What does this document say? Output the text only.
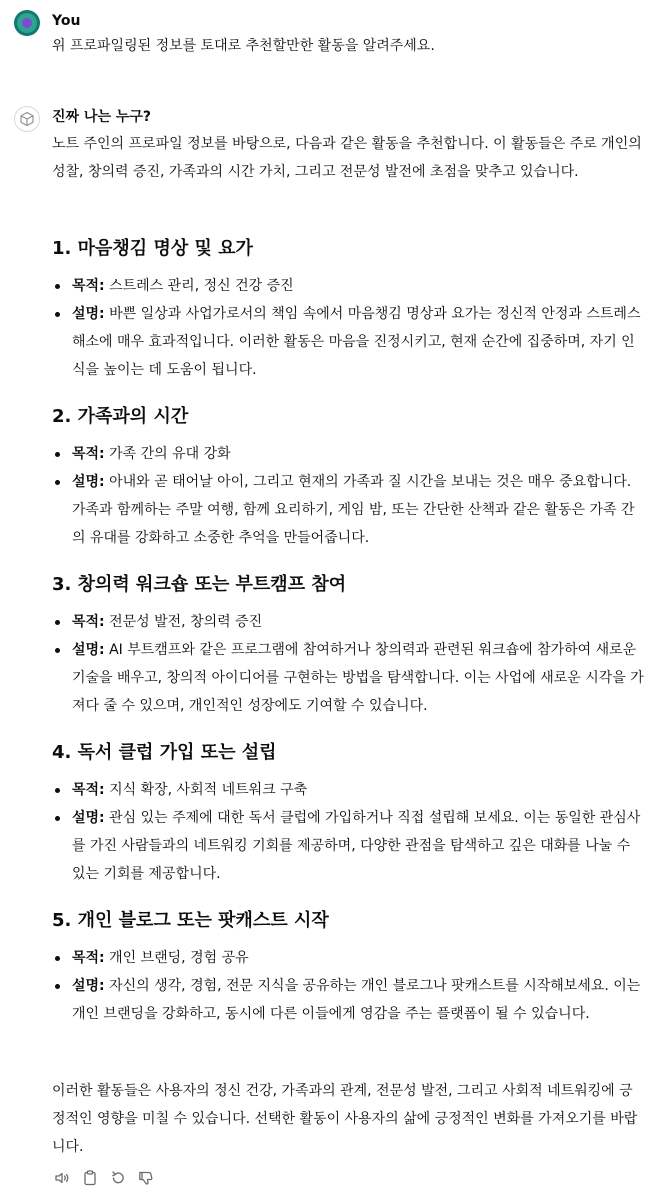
You
위 프로파일링된 정보를 토대로 추천할만한 활동을 알려주세요.
진짜 나는 누구?
노트 주인의 프로파일 정보를 바탕으로, 다음과 같은 활동을 추천합니다. 이 활동들은 주로 개인의 성찰, 창의력 증진, 가족과의 시간 가치, 그리고 전문성 발전에 초점을 맞추고 있습니다.
1. 마음챙김 명상 및 요가
목적: 스트레스 관리, 정신 건강 증진
설명: 바쁜 일상과 사업가로서의 책임 속에서 마음챙김 명상과 요가는 정신적 안정과 스트레스 해소에 매우 효과적입니다. 이러한 활동은 마음을 진정시키고, 현재 순간에 집중하며, 자기 인식을 높이는 데 도움이 됩니다.
2. 가족과의 시간
목적: 가족 간의 유대 강화
설명: 아내와 곧 태어날 아이, 그리고 현재의 가족과 질 시간을 보내는 것은 매우 중요합니다. 가족과 함께하는 주말 여행, 함께 요리하기, 게임 밤, 또는 간단한 산책과 같은 활동은 가족 간의 유대를 강화하고 소중한 추억을 만들어줍니다.
3. 창의력 워크숍 또는 부트캠프 참여
목적: 전문성 발전, 창의력 증진
설명: AI 부트캠프와 같은 프로그램에 참여하거나 창의력과 관련된 워크숍에 참가하여 새로운 기술을 배우고, 창의적 아이디어를 구현하는 방법을 탐색합니다. 이는 사업에 새로운 시각을 가져다 줄 수 있으며, 개인적인 성장에도 기여할 수 있습니다.
4. 독서 클럽 가입 또는 설립
목적: 지식 확장, 사회적 네트워크 구축
설명: 관심 있는 주제에 대한 독서 클럽에 가입하거나 직접 설립해 보세요. 이는 동일한 관심사를 가진 사람들과의 네트워킹 기회를 제공하며, 다양한 관점을 탐색하고 깊은 대화를 나눌 수 있는 기회를 제공합니다.
5. 개인 블로그 또는 팟캐스트 시작
목적: 개인 브랜딩, 경험 공유
설명: 자신의 생각, 경험, 전문 지식을 공유하는 개인 블로그나 팟캐스트를 시작해보세요. 이는 개인 브랜딩을 강화하고, 동시에 다른 이들에게 영감을 주는 플랫폼이 될 수 있습니다.
이러한 활동들은 사용자의 정신 건강, 가족과의 관계, 전문성 발전, 그리고 사회적 네트워킹에 긍정적인 영향을 미칠 수 있습니다. 선택한 활동이 사용자의 삶에 긍정적인 변화를 가져오기를 바랍니다.
